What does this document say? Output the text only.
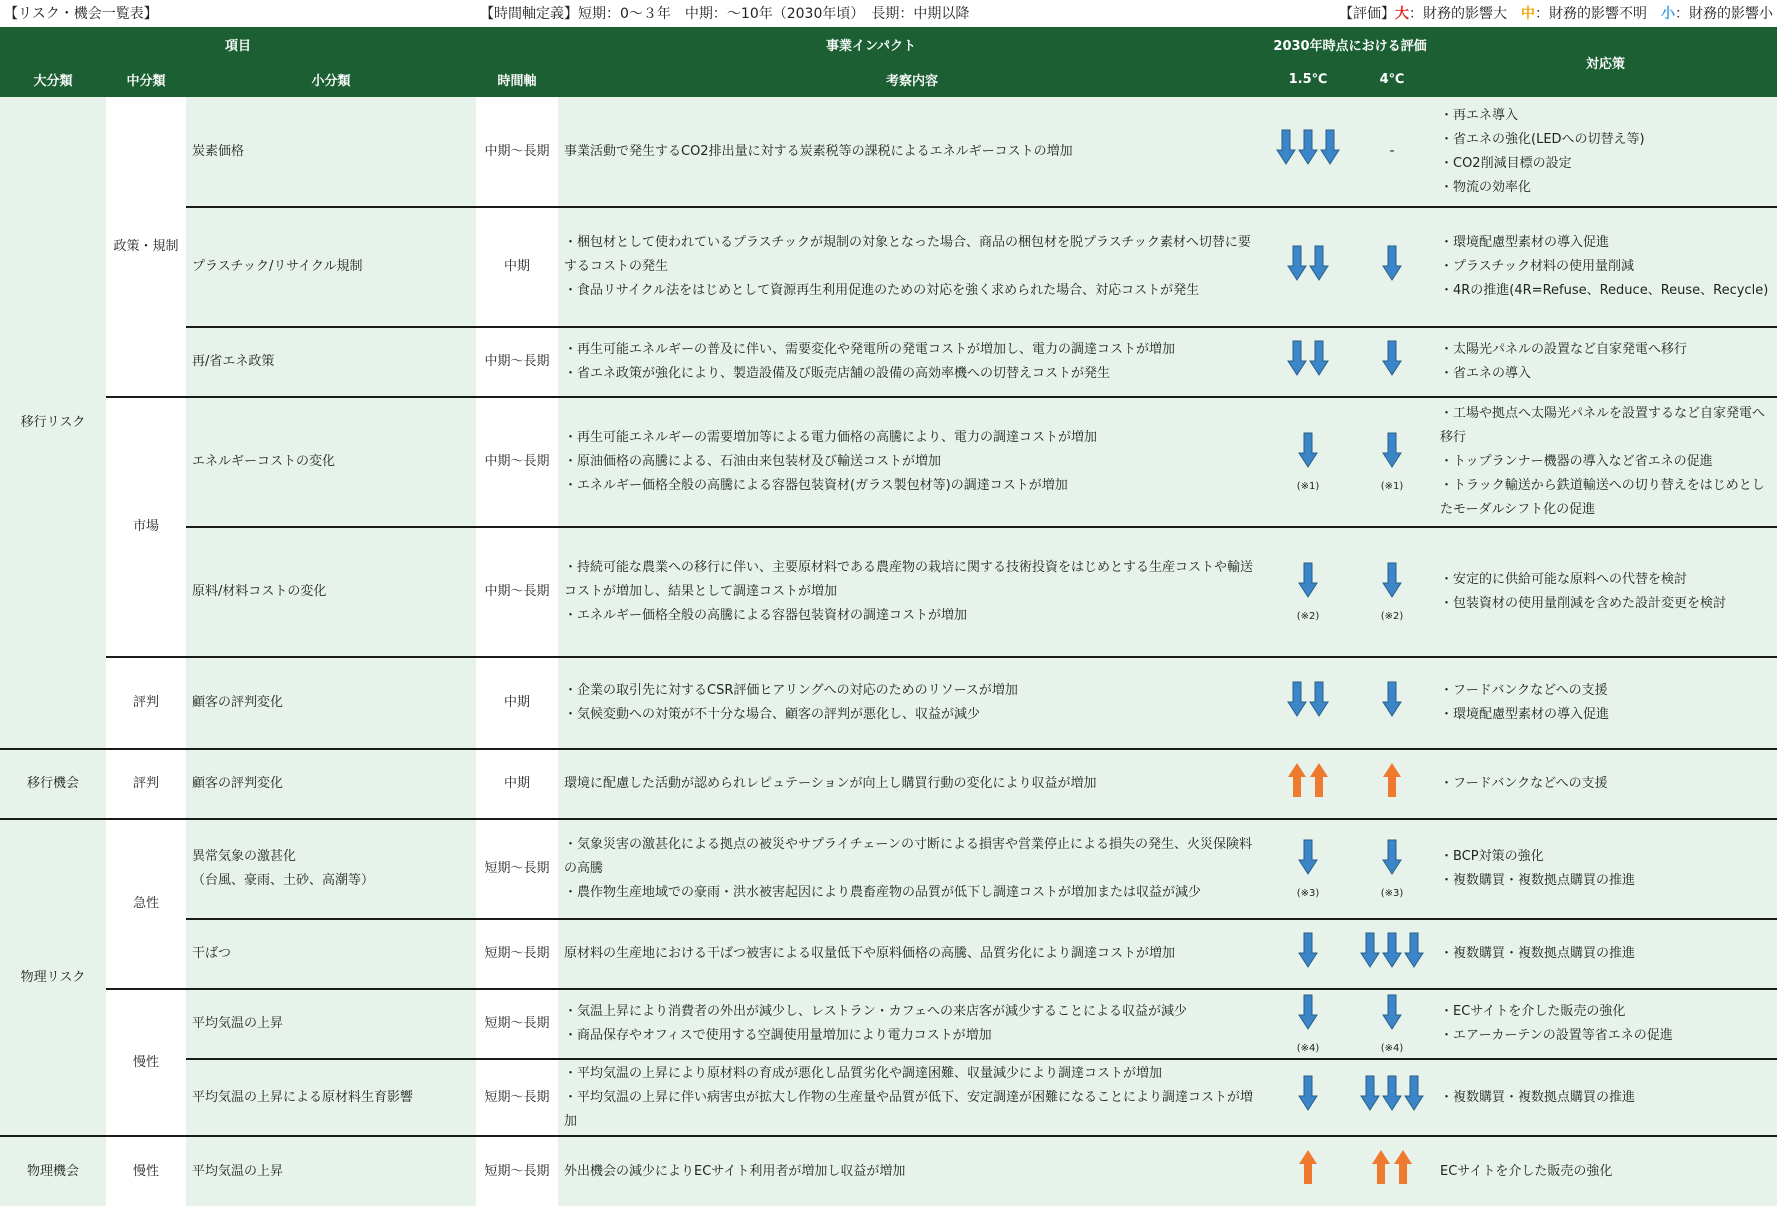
【リスク・機会一覧表】	【時間軸定義】短期：0～３年　中期：～10年（2030年頃）　長期：中期以降	【評価】大：財務的影響大　 中：財務的影響不明　 小：財務的影響小
項目			事業インパクト		2030年時点における評価		対応策
大分類	中分類	小分類	時間軸	考察内容	1.5℃	4℃	
移行リスク	政策・規制	炭素価格	中期～長期	事業活動で発生するCO2排出量に対する炭素税等の課税によるエネルギーコストの増加		-	・再エネ導入
・省エネの強化(LEDへの切替え等)
・CO2削減目標の設定
・物流の効率化

		プラスチック/リサイクル規制	中期	・梱包材として使われているプラスチックが規制の対象となった場合、商品の梱包材を脱プラスチック素材へ切替に要するコストの発生
・食品リサイクル法をはじめとして資源再生利用促進のための対応を強く求められた場合、対応コストが発生			・環境配慮型素材の導入促進
・プラスチック材料の使用量削減
・4Rの推進(4R=Refuse、Reduce、Reuse、Recycle)

		再/省エネ政策	中期～長期	・再生可能エネルギーの普及に伴い、需要変化や発電所の発電コストが増加し、電力の調達コストが増加
・省エネ政策が強化により、製造設備及び販売店舗の設備の高効率機への切替えコストが発生			・太陽光パネルの設置など自家発電へ移行
・省エネの導入

	市場	エネルギーコストの変化	中期～長期	・再生可能エネルギーの需要増加等による電力価格の高騰により、電力の調達コストが増加
・原油価格の高騰による、石油由来包装材及び輸送コストが増加
・エネルギー価格全般の高騰による容器包装資材(ガラス製包材等)の調達コストが増加	(※1)	(※1)	・工場や拠点へ太陽光パネルを設置するなど自家発電へ移行
・トップランナー機器の導入など省エネの促進
・トラック輸送から鉄道輸送への切り替えをはじめとしたモーダルシフト化の促進

		原料/材料コストの変化	中期～長期	・持続可能な農業への移行に伴い、主要原材料である農産物の栽培に関する技術投資をはじめとする生産コストや輸送コストが増加し、結果として調達コストが増加
・エネルギー価格全般の高騰による容器包装資材の調達コストが増加	(※2)	(※2)	・安定的に供給可能な原料への代替を検討
・包装資材の使用量削減を含めた設計変更を検討

	評判	顧客の評判変化	中期	・企業の取引先に対するCSR評価ヒアリングへの対応のためのリソースが増加
・気候変動への対策が不十分な場合、顧客の評判が悪化し、収益が減少			・フードバンクなどへの支援
・環境配慮型素材の導入促進

移行機会	評判	顧客の評判変化	中期	環境に配慮した活動が認められレピュテーションが向上し購買行動の変化により収益が増加			・フードバンクなどへの支援

物理リスク	急性	異常気象の激甚化
（台風、豪雨、土砂、高潮等）	短期～長期	・気象災害の激甚化による拠点の被災やサプライチェーンの寸断による損害や営業停止による損失の発生、火災保険料の高騰
・農作物生産地域での豪雨・洪水被害起因により農畜産物の品質が低下し調達コストが増加または収益が減少	(※3)	(※3)	・BCP対策の強化
・複数購買・複数拠点購買の推進

		干ばつ	短期～長期	原材料の生産地における干ばつ被害による収量低下や原料価格の高騰、品質劣化により調達コストが増加			・複数購買・複数拠点購買の推進

	慢性	平均気温の上昇	短期～長期	・気温上昇により消費者の外出が減少し、レストラン・カフェへの来店客が減少することによる収益が減少
・商品保存やオフィスで使用する空調使用量増加により電力コストが増加	(※4)	(※4)	・ECサイトを介した販売の強化
・エアーカーテンの設置等省エネの促進

		平均気温の上昇による原材料生育影響	短期～長期	・平均気温の上昇により原材料の育成が悪化し品質劣化や調達困難、収量減少により調達コストが増加
・平均気温の上昇に伴い病害虫が拡大し作物の生産量や品質が低下、安定調達が困難になることにより調達コストが増加			・複数購買・複数拠点購買の推進

物理機会	慢性	平均気温の上昇	短期～長期	外出機会の減少によりECサイト利用者が増加し収益が増加			ECサイトを介した販売の強化
